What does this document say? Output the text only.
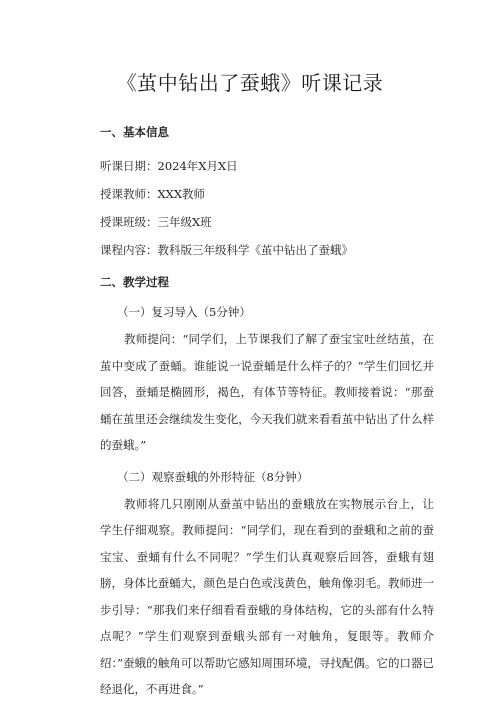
《茧中钻出了蚕蛾》听课记录
一、基本信息
听课日期：2024年X月X日
授课教师：XXX教师
授课班级：三年级X班
课程内容：教科版三年级科学《茧中钻出了蚕蛾》
二、教学过程
（一）复习导入（5分钟）
教师提问：“同学们，上节课我们了解了蚕宝宝吐丝结茧，在茧中变成了蚕蛹。谁能说一说蚕蛹是什么样子的？”学生们回忆并回答，蚕蛹是椭圆形，褐色，有体节等特征。教师接着说：“那蚕蛹在茧里还会继续发生变化，今天我们就来看看茧中钻出了什么样的蚕蛾。”
（二）观察蚕蛾的外形特征（8分钟）
教师将几只刚刚从蚕茧中钻出的蚕蛾放在实物展示台上，让学生仔细观察。教师提问：“同学们，现在看到的蚕蛾和之前的蚕宝宝、蚕蛹有什么不同呢？”学生们认真观察后回答，蚕蛾有翅膀，身体比蚕蛹大，颜色是白色或浅黄色，触角像羽毛。教师进一步引导：“那我们来仔细看看蚕蛾的身体结构，它的头部有什么特点呢？”学生们观察到蚕蛾头部有一对触角，复眼等。教师介绍：”蚕蛾的触角可以帮助它感知周围环境，寻找配偶。它的口器已经退化，不再进食。”
